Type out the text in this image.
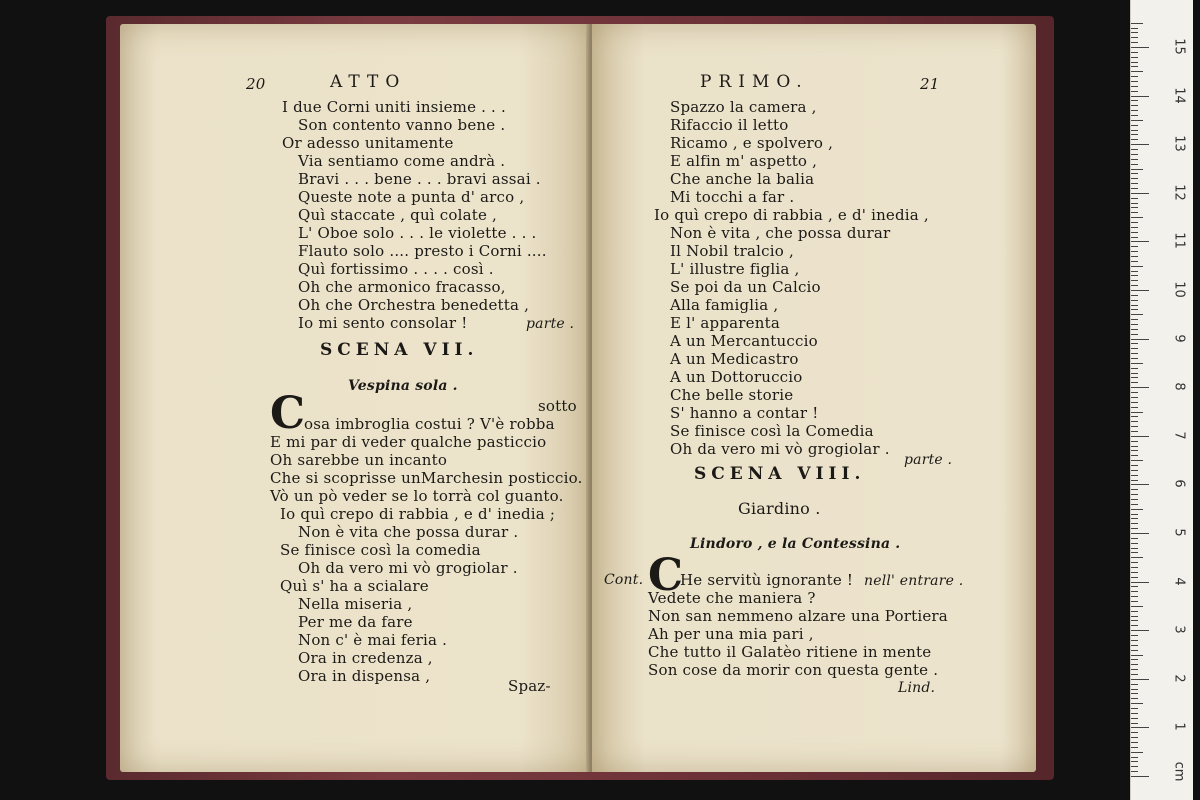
20	ATTO
I due Corni uniti insieme . . .
Son contento vanno bene .
Or adesso unitamente
Via sentiamo come andrà .
Bravi . . . bene . . . bravi assai .
Queste note a punta d' arco ,
Quì staccate , quì colate ,
L' Oboe solo . . . le violette . . .
Flauto solo .... presto i Corni ....
Quì fortissimo . . . . così .
Oh che armonico fracasso,
Oh che Orchestra benedetta ,
Io mi sento consolar !	parte .
SCENA VII.
Vespina sola .
sotto
C
osa imbroglia costui ? V'è robba
E mi par di veder qualche pasticcio
Oh sarebbe un incanto
Che si scoprisse unMarchesin posticcio.
Vò un pò veder se lo torrà col guanto.
Io quì crepo di rabbia , e d' inedia ;
Non è vita che possa durar .
Se finisce così la comedia
Oh da vero mi vò grogiolar .
Quì s' ha a scialare
Nella miseria ,
Per me da fare
Non c' è mai feria .
Ora in credenza ,
Ora in dispensa ,
Spaz-
PRIMO.	21
Spazzo la camera ,
Rifaccio il letto
Ricamo , e spolvero ,
E alfin m' aspetto ,
Che anche la balia
Mi tocchi a far .
Io quì crepo di rabbia , e d' inedia ,
Non è vita , che possa durar
Il Nobil tralcio ,
L' illustre figlia ,
Se poi da un Calcio
Alla famiglia ,
E l' apparenta
A un Mercantuccio
A un Medicastro
A un Dottoruccio
Che belle storie
S' hanno a contar !
Se finisce così la Comedia
Oh da vero mi vò grogiolar .
parte .
SCENA VIII.
Giardino .
Lindoro , e la Contessina .
Cont. C
He servitù ignorante ! nell' entrare .
Vedete che maniera ?
Non san nemmeno alzare una Portiera
Ah per una mia pari ,
Che tutto il Galatèo ritiene in mente
Son cose da morir con questa gente .
Lind.
cm
1
2
3
4
5
6
7
8
9
10
11
12
13
14
15
